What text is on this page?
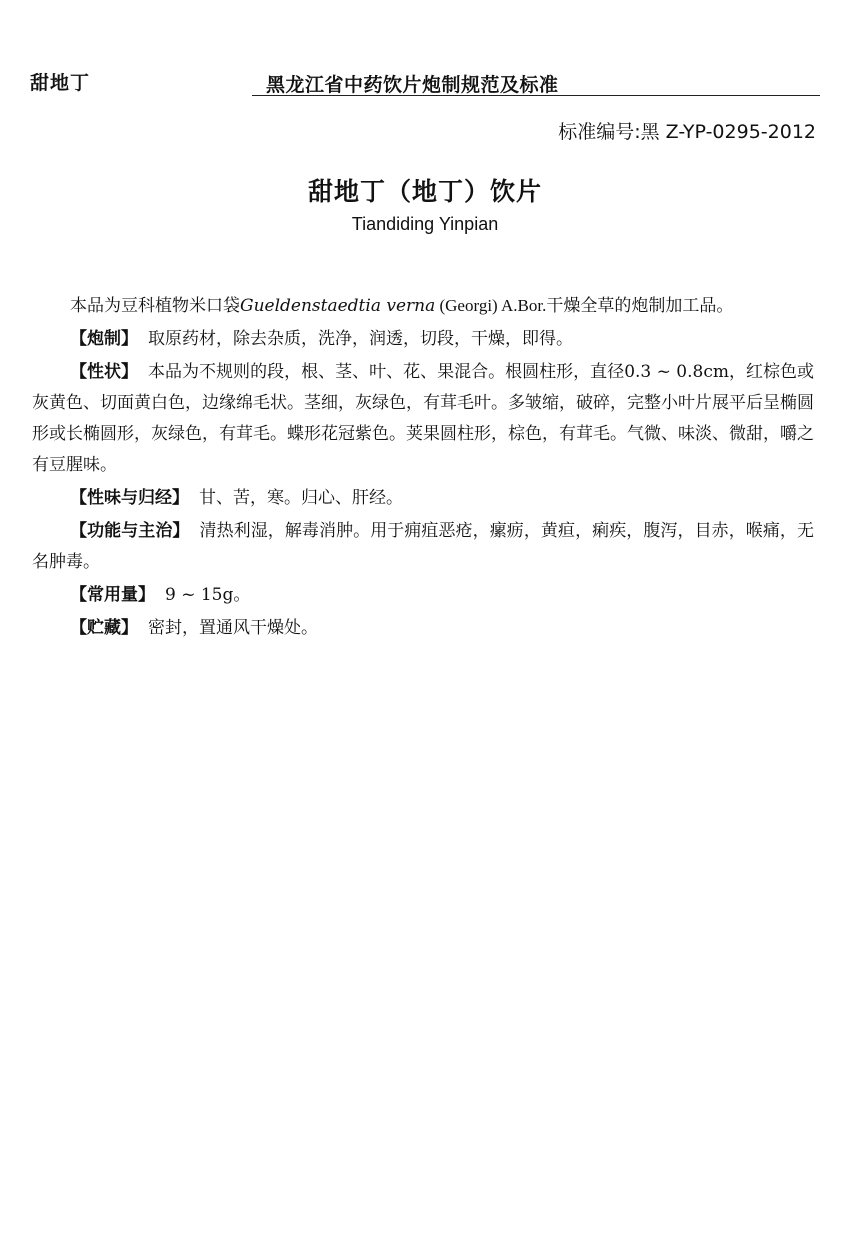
甜地丁	黑龙江省中药饮片炮制规范及标准
标准编号:黑 Z-YP-0295-2012
甜地丁（地丁）饮片
Tiandiding Yinpian

本品为豆科植物米口袋Gueldenstaedtia verna (Georgi) A.Bor.干燥全草的炮制加工品。

【炮制】 取原药材，除去杂质，洗净，润透，切段，干燥，即得。

【性状】 本品为不规则的段，根、茎、叶、花、果混合。根圆柱形，直径0.3 ~ 0.8cm，红棕色或灰黄色、切面黄白色，边缘绵毛状。茎细，灰绿色，有茸毛叶。多皱缩，破碎，完整小叶片展平后呈椭圆形或长椭圆形，灰绿色，有茸毛。蝶形花冠紫色。荚果圆柱形，棕色，有茸毛。气微、味淡、微甜，嚼之有豆腥味。

【性味与归经】 甘、苦，寒。归心、肝经。

【功能与主治】 清热利湿，解毒消肿。用于痈疽恶疮，瘰疬，黄疸，痢疾，腹泻，目赤，喉痛，无名肿毒。

【常用量】 9 ~ 15g。

【贮藏】 密封，置通风干燥处。
